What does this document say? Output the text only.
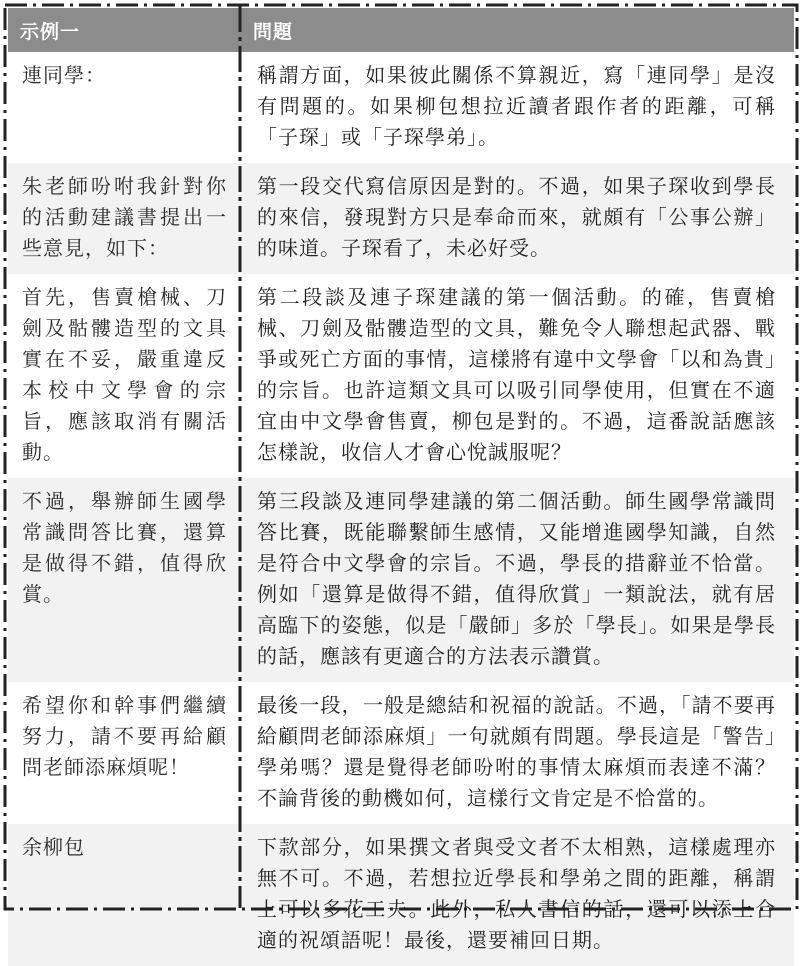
示例一	問題
連同學：	稱謂方面，如果彼此關係不算親近，寫「連同學」是沒有問題的。如果柳包想拉近讀者跟作者的距離，可稱「子琛」或「子琛學弟」。
朱老師吩咐我針對你的活動建議書提出一些意見，如下：	第一段交代寫信原因是對的。不過，如果子琛收到學長的來信，發現對方只是奉命而來，就頗有「公事公辦」的味道。子琛看了，未必好受。
首先，售賣槍械、刀劍及骷髏造型的文具實在不妥，嚴重違反本校中文學會的宗旨，應該取消有關活動。	第二段談及連子琛建議的第一個活動。的確，售賣槍械、刀劍及骷髏造型的文具，難免令人聯想起武器、戰爭或死亡方面的事情，這樣將有違中文學會「以和為貴」的宗旨。也許這類文具可以吸引同學使用，但實在不適宜由中文學會售賣，柳包是對的。不過，這番說話應該怎樣說，收信人才會心悅誠服呢？
不過，舉辦師生國學常識問答比賽，還算是做得不錯，值得欣賞。	第三段談及連同學建議的第二個活動。師生國學常識問答比賽，既能聯繫師生感情，又能增進國學知識，自然是符合中文學會的宗旨。不過，學長的措辭並不恰當。例如「還算是做得不錯，值得欣賞」一類說法，就有居高臨下的姿態，似是「嚴師」多於「學長」。如果是學長的話，應該有更適合的方法表示讚賞。
希望你和幹事們繼續努力，請不要再給顧問老師添麻煩呢！	最後一段，一般是總結和祝福的說話。不過，「請不要再給顧問老師添麻煩」一句就頗有問題。學長這是「警告」學弟嗎？還是覺得老師吩咐的事情太麻煩而表達不滿？不論背後的動機如何，這樣行文肯定是不恰當的。
余柳包	下款部分，如果撰文者與受文者不太相熟，這樣處理亦無不可。不過，若想拉近學長和學弟之間的距離，稱謂上可以多花工夫。此外，私人書信的話，還可以添上合適的祝頌語呢！最後，還要補回日期。
